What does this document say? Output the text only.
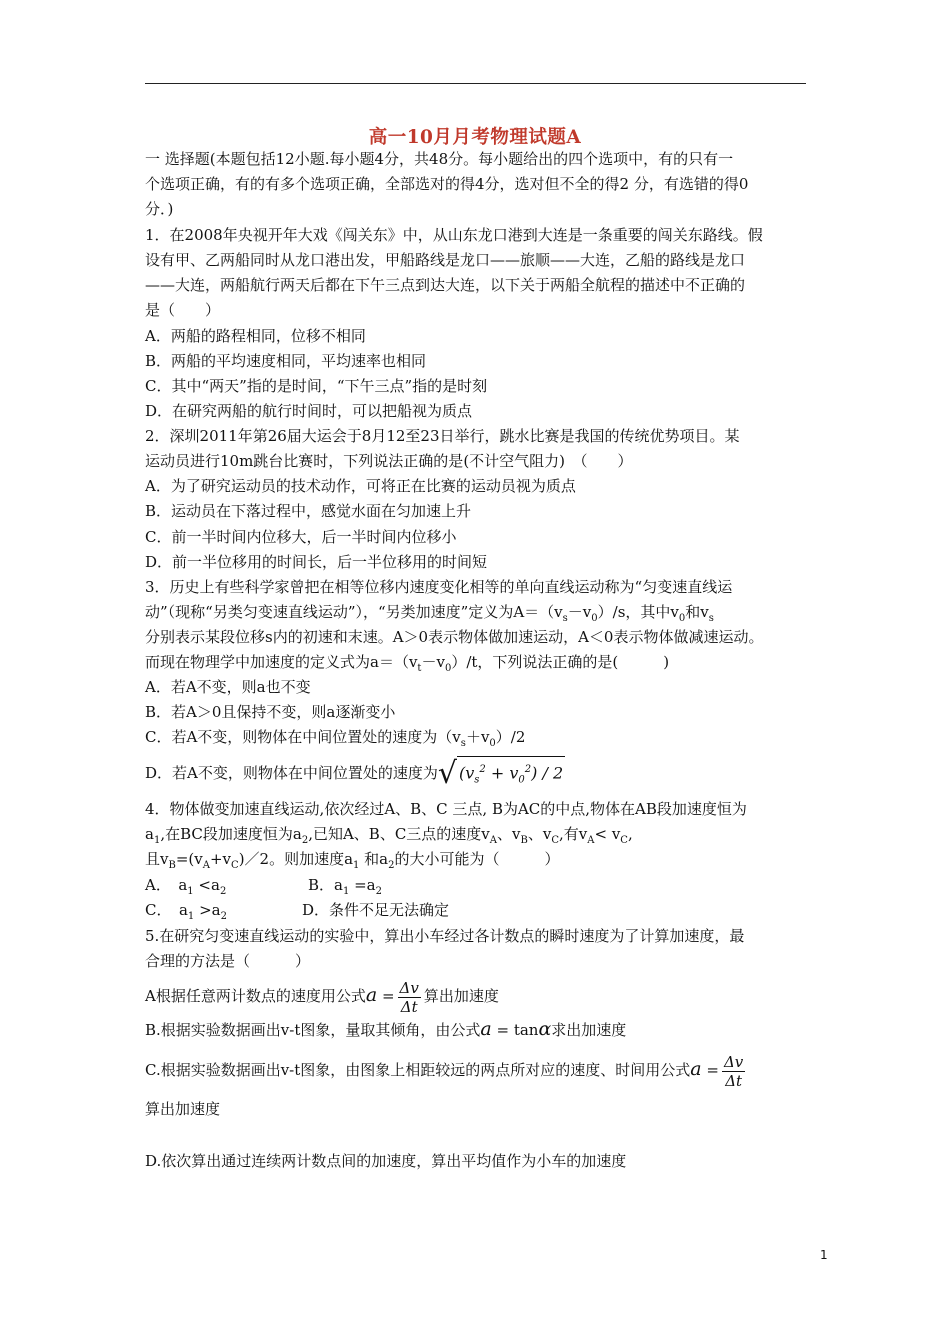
高一10月月考物理试题A
一 选择题(本题包括12小题.每小题4分，共48分。每小题给出的四个选项中，有的只有一
个选项正确，有的有多个选项正确，全部选对的得4分，选对但不全的得2 分，有选错的得0
分．)
1．在2008年央视开年大戏《闯关东》中，从山东龙口港到大连是一条重要的闯关东路线。假
设有甲、乙两船同时从龙口港出发，甲船路线是龙口——旅顺——大连，乙船的路线是龙口
——大连，两船航行两天后都在下午三点到达大连，以下关于两船全航程的描述中不正确的
是（　　）
A．两船的路程相同，位移不相同
B．两船的平均速度相同，平均速率也相同
C．其中“两天”指的是时间，“下午三点”指的是时刻
D．在研究两船的航行时间时，可以把船视为质点
2．深圳2011年第26届大运会于8月12至23日举行，跳水比赛是我国的传统优势项目。某
运动员进行10m跳台比赛时，下列说法正确的是(不计空气阻力)　（　　）
A．为了研究运动员的技术动作，可将正在比赛的运动员视为质点
B．运动员在下落过程中，感觉水面在匀加速上升
C．前一半时间内位移大，后一半时间内位移小
D．前一半位移用的时间长，后一半位移用的时间短
3．历史上有些科学家曾把在相等位移内速度变化相等的单向直线运动称为“匀变速直线运
动”（现称“另类匀变速直线运动”），“另类加速度”定义为$A=(v_s-v_0)/s$，其中$v_0$和$v_s$
分别表示某段位移s内的初速和末速。A＞0表示物体做加速运动，A＜0表示物体做减速运动。
而现在物理学中加速度的定义式为$a=(v_t-v_0)/t$，下列说法正确的是(　　　)
A．若A不变，则a也不变
B．若A＞0且保持不变，则a逐渐变小
C．若A不变，则物体在中间位置处的速度为$(v_s+v_0)/2$
D．若A不变，则物体在中间位置处的速度为√ $(v_s^2 + v_0^2) / 2$
4．物体做变加速直线运动,依次经过A、B、C 三点, B为AC的中点,物体在AB段加速度恒为
$a_1$,在BC段加速度恒为$a_2$,已知A、B、C三点的速度$v_A$、$v_B$、$v_C$,有$v_A< v_C$,
且$v_B=(v_A+v_C)/2$。则加速度$a_1$ 和$a_2$的大小可能为（　　　）
A．　$a_1 <a_2$	B．$a_1 =a_2$
C．　$a_1 >a_2$	D．条件不足无法确定
5.在研究匀变速直线运动的实验中，算出小车经过各计数点的瞬时速度为了计算加速度，最
合理的方法是（　　　）
A根据任意两计数点的速度用公式$a = \frac{\Delta v}{\Delta t}$ 算出加速度
B.根据实验数据画出v-t图象，量取其倾角，由公式a = tanα求出加速度
C.根据实验数据画出v-t图象，由图象上相距较远的两点所对应的速度、时间用公式$a = \frac{\Delta v}{\Delta t}$
算出加速度
D.依次算出通过连续两计数点间的加速度，算出平均值作为小车的加速度
1
